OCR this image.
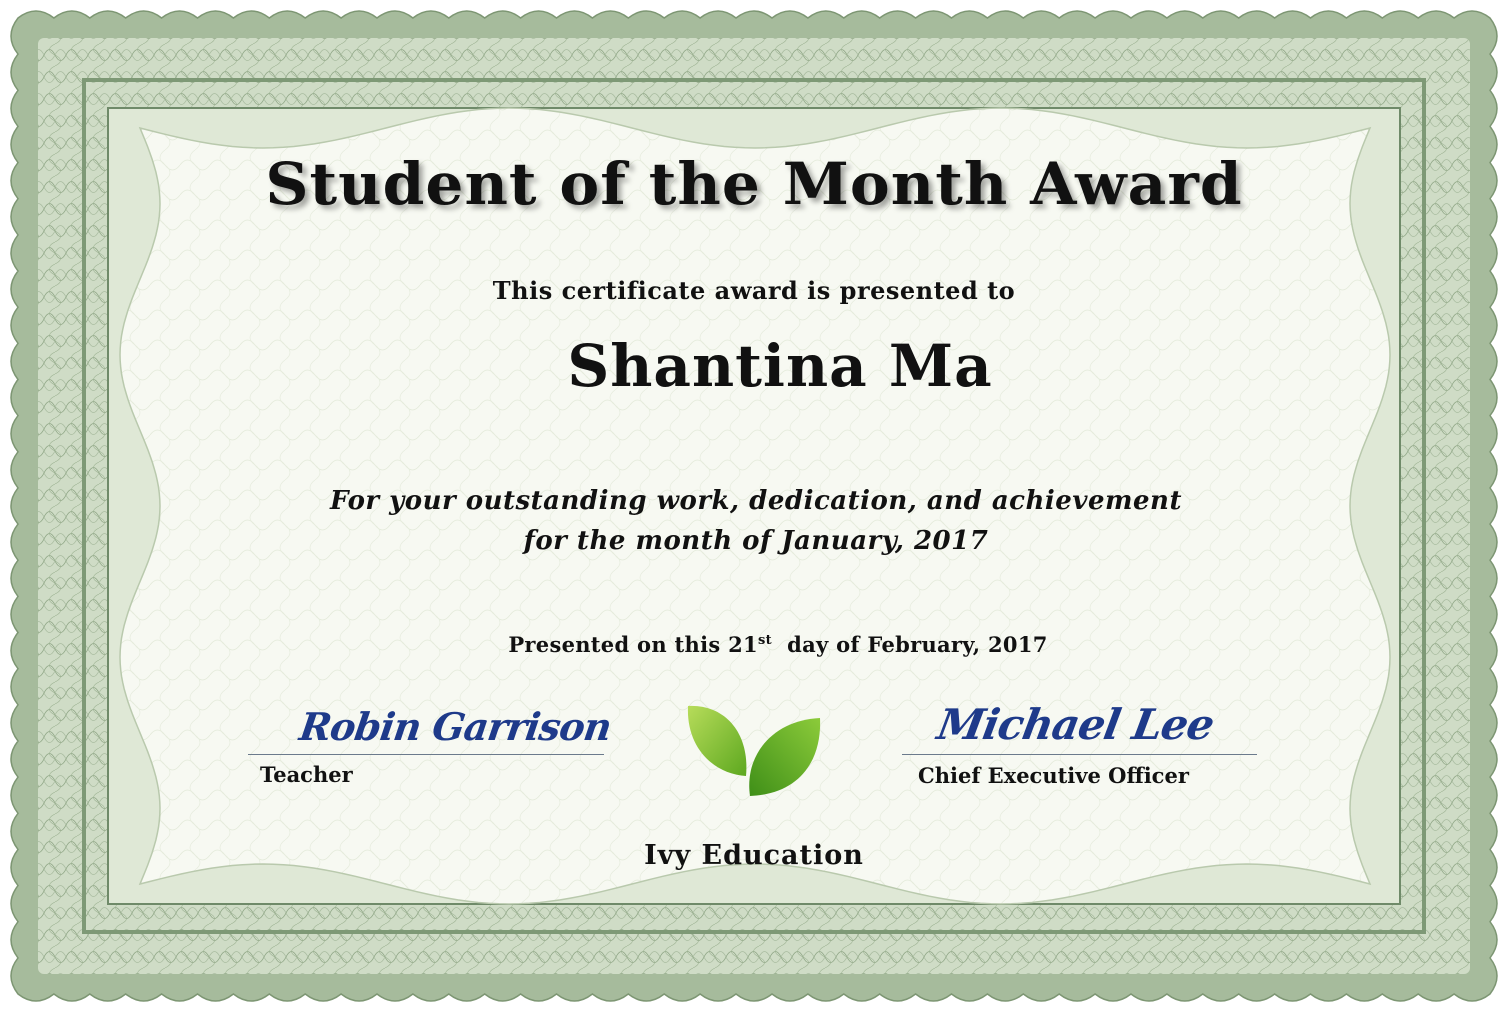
Student of the Month Award
This certificate award is presented to
Shantina Ma
For your outstanding work, dedication, and achievement
for the month of January, 2017
Presented on this 21st day of February, 2017
Robin Garrison
Teacher
Michael Lee
Chief Executive Officer
Ivy Education
